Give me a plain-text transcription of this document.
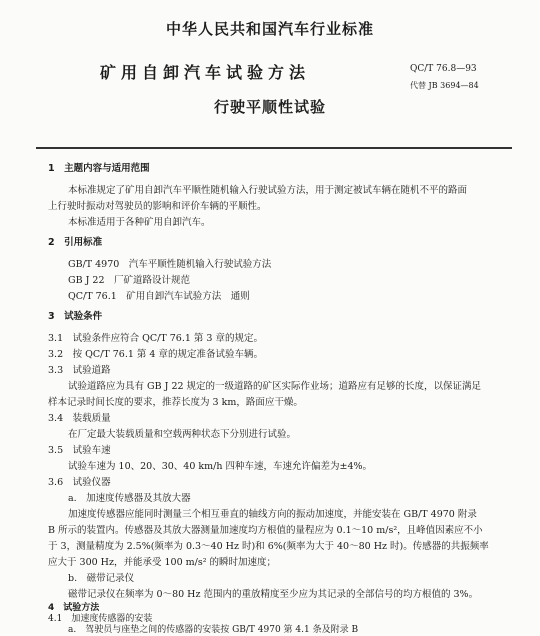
中华人民共和国汽车行业标准
矿用自卸汽车试验方法	QC/T 76.8—93
代替 JB 3694—84
行驶平顺性试验
1　主题内容与适用范围
本标准规定了矿用自卸汽车平顺性随机输入行驶试验方法，用于测定被试车辆在随机不平的路面
上行驶时振动对驾驶员的影响和评价车辆的平顺性。
本标准适用于各种矿用自卸汽车。
2　引用标准
GB/T 4970　汽车平顺性随机输入行驶试验方法
GB J 22　厂矿道路设计规范
QC/T 76.1　矿用自卸汽车试验方法　通则
3　试验条件
3.1　试验条件应符合 QC/T 76.1 第 3 章的规定。
3.2　按 QC/T 76.1 第 4 章的规定准备试验车辆。
3.3　试验道路
试验道路应为具有 GB J 22 规定的一级道路的矿区实际作业场；道路应有足够的长度，以保证满足
样本记录时间长度的要求，推荐长度为 3 km，路面应干燥。
3.4　装载质量
在厂定最大装载质量和空载两种状态下分别进行试验。
3.5　试验车速
试验车速为 10、20、30、40 km/h 四种车速，车速允许偏差为±4%。
3.6　试验仪器
a.　加速度传感器及其放大器
加速度传感器应能同时测量三个相互垂直的轴线方向的振动加速度，并能安装在 GB/T 4970 附录
B 所示的装置内。传感器及其放大器测量加速度均方根值的量程应为 0.1～10 m/s²，且峰值因素应不小
于 3，测量精度为 2.5%(频率为 0.3～40 Hz 时)和 6%(频率为大于 40～80 Hz 时)。传感器的共振频率
应大于 300 Hz，并能承受 100 m/s² 的瞬时加速度；
b.　磁带记录仪
磁带记录仪在频率为 0～80 Hz 范围内的重放精度至少应为其记录的全部信号的均方根值的 3%。
4　试验方法
4.1　加速度传感器的安装
a.　驾驶员与座垫之间的传感器的安装按 GB/T 4970 第 4.1 条及附录 B
